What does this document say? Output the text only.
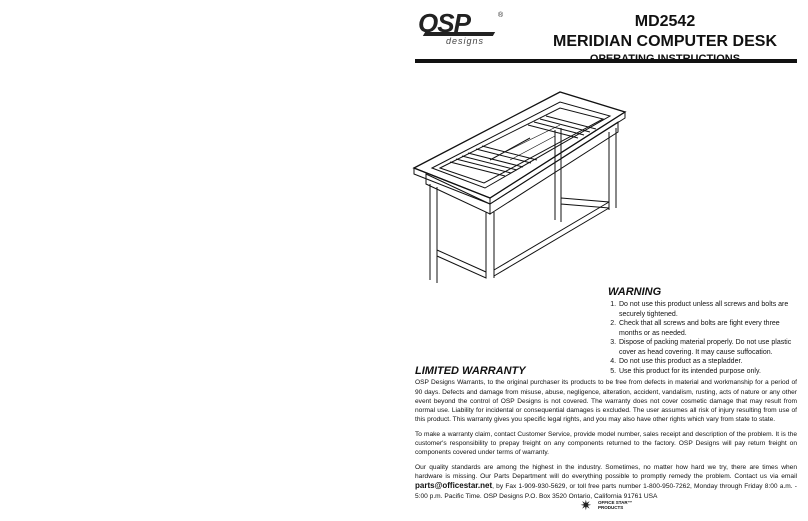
OSP	®
designs
MD2542
MERIDIAN COMPUTER DESK
WARNING
1. Do not use this product unless all screws and bolts are securely tightened.
2. Check that all screws and bolts are fight every three months or as needed.
3. Dispose of packing material properly. Do not use plastic cover as head covering. It may cause suffocation.
4. Do not use this product as a stepladder.
5. Use this product for its intended purpose only.
LIMITED WARRANTY

OSP Designs Warrants, to the original purchaser its products to be free from defects in material and workmanship for a period of 90 days. Defects and damage from misuse, abuse, negligence, alteration, accident, vandalism, rusting, acts of nature or any other event beyond the control of OSP Designs is not covered. The warranty does not cover cosmetic damage that may result from normal use. Liability for incidental or consequential damages is excluded. The user assumes all risk of injury resulting from use of this product. This warranty gives you specific legal rights, and you may also have other rights which vary from state to state.

To make a warranty claim, contact Customer Service, provide model number, sales receipt and description of the problem. It is the customer's responsibility to prepay freight on any components returned to the factory. OSP Designs will pay return freight on components covered under terms of warranty.

Our quality standards are among the highest in the industry. Sometimes, no matter how hard we try, there are times when hardware is missing. Our Parts Department will do everything possible to promptly remedy the problem. Contact us via email parts@officestar.net, by Fax 1-909-930-5629, or toll free parts number 1-800-950-7262, Monday through Friday 8:00 a.m. - 5:00 p.m. Pacific Time. OSP Designs P.O. Box 3520 Ontario, California 91761 USA

✷	OFFICE STAR™
PRODUCTS
